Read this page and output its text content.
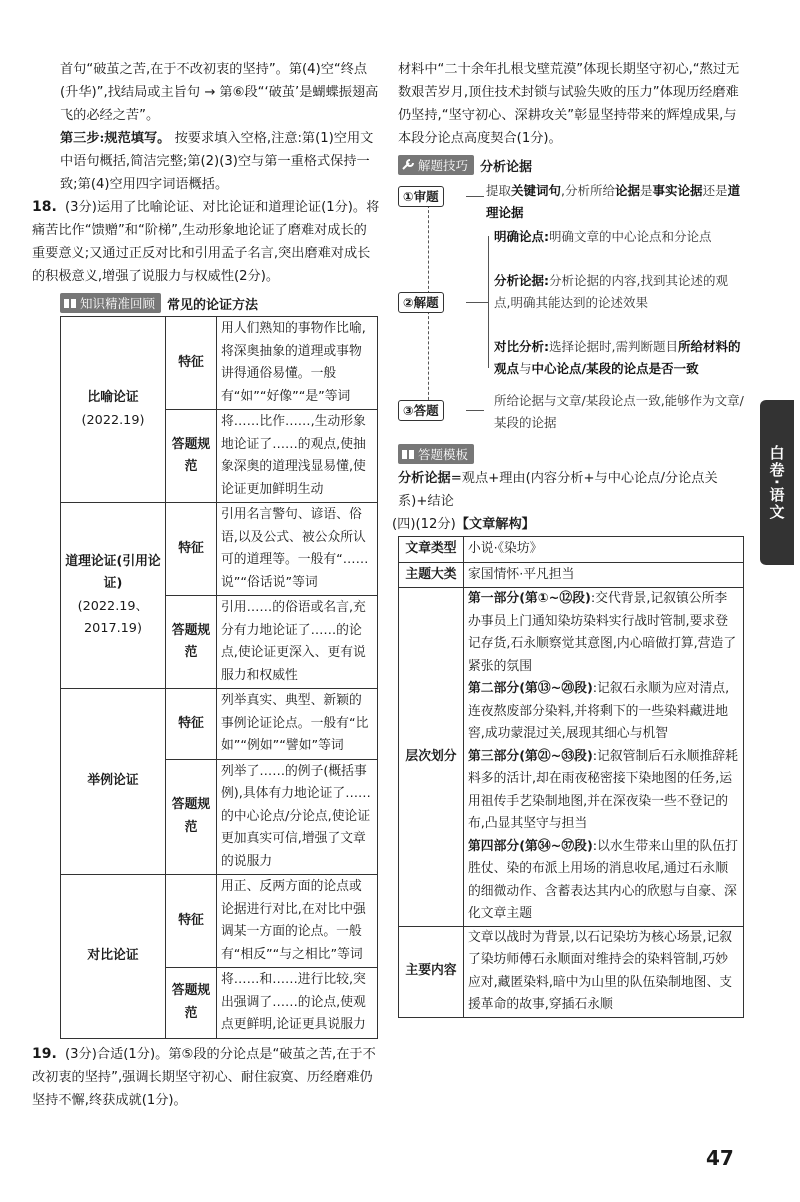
首句“破茧之苦,在于不改初衷的坚持”。第(4)空“终点(升华)”,找结局或主旨句 → 第⑥段“‘破茧’是蝴蝶振翅高飞的必经之苦”。

第三步:规范填写。 按要求填入空格,注意:第(1)空用文中语句概括,简洁完整;第(2)(3)空与第一重格式保持一致;第(4)空用四字词语概括。

18. (3分)运用了比喻论证、对比论证和道理论证(1分)。将痛苦比作“馈赠”和“阶梯”,生动形象地论证了磨难对成长的重要意义;又通过正反对比和引用孟子名言,突出磨难对成长的积极意义,增强了说服力与权威性(2分)。

知识精准回顾 常见的论证方法
比喻论证
(2022.19)	特征	用人们熟知的事物作比喻,将深奥抽象的道理或事物讲得通俗易懂。一般有“如”“好像”“是”等词
	答题规范	将……比作……,生动形象地论证了……的观点,使抽象深奥的道理浅显易懂,使论证更加鲜明生动

道理论证(引用论证)
(2022.19、2017.19)	特征	引用名言警句、谚语、俗语,以及公式、被公众所认可的道理等。一般有“……说”“俗话说”等词
	答题规范	引用……的俗语或名言,充分有力地论证了……的论点,使论证更深入、更有说服力和权威性

举例论证	特征	列举真实、典型、新颖的事例论证论点。一般有“比如”“例如”“譬如”等词
	答题规范	列举了……的例子(概括事例),具体有力地论证了……的中心论点/分论点,使论证更加真实可信,增强了文章的说服力

对比论证	特征	用正、反两方面的论点或论据进行对比,在对比中强调某一方面的论点。一般有“相反”“与之相比”等词
	答题规范	将……和……进行比较,突出强调了……的论点,使观点更鲜明,论证更具说服力

19. (3分)合适(1分)。第⑤段的分论点是“破茧之苦,在于不改初衷的坚持”,强调长期坚守初心、耐住寂寞、历经磨难仍坚持不懈,终获成就(1分)。

材料中“二十余年扎根戈壁荒漠”体现长期坚守初心,“熬过无数艰苦岁月,顶住技术封锁与试验失败的压力”体现历经磨难仍坚持,“坚守初心、深耕攻关”彰显坚持带来的辉煌成果,与本段分论点高度契合(1分)。

解题技巧 分析论据
①审题	提取关键词句,分析所给论据是事实论据还是道理论据
②解题
明确论点:明确文章的中心论点和分论点
分析论据:分析论据的内容,找到其论述的观点,明确其能达到的论述效果
对比分析:选择论据时,需判断题目所给材料的观点与中心论点/某段的论点是否一致
③答题
所给论据与文章/某段论点一致,能够作为文章/某段的论据
答题模板

分析论据=观点+理由(内容分析+与中心论点/分论点关系)+结论

(四)(12分)【文章解构】

文章类型	小说·《染坊》
主题大类	家国情怀·平凡担当
层次划分	第一部分(第①~⑫段):交代背景,记叙镇公所李办事员上门通知染坊染料实行战时管制,要求登记存货,石永顺察觉其意图,内心暗做打算,营造了紧张的氛围
第二部分(第⑬~⑳段):记叙石永顺为应对清点,连夜熬废部分染料,并将剩下的一些染料藏进地窖,成功蒙混过关,展现其细心与机智
第三部分(第㉑~㉝段):记叙管制后石永顺推辞耗料多的活计,却在雨夜秘密接下染地图的任务,运用祖传手艺染制地图,并在深夜染一些不登记的布,凸显其坚守与担当
第四部分(第㉞~㊲段):以水生带来山里的队伍打胜仗、染的布派上用场的消息收尾,通过石永顺的细微动作、含蓄表达其内心的欣慰与自豪、深化文章主题

主要内容	文章以战时为背景,以石记染坊为核心场景,记叙了染坊师傅石永顺面对维持会的染料管制,巧妙应对,藏匿染料,暗中为山里的队伍染制地图、支援革命的故事,穿插石永顺
白卷·语文
47
